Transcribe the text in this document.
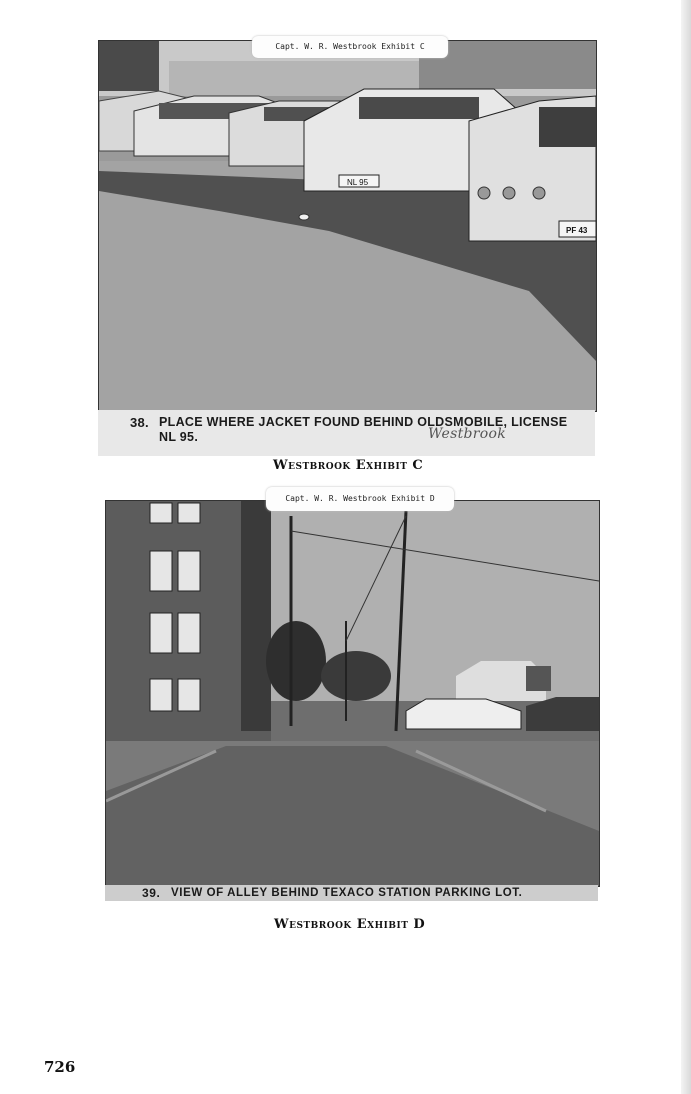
NL 95
PF 43
Capt. W. R. Westbrook Exhibit C
38. PLACE WHERE JACKET FOUND BEHIND OLDSMOBILE, LICENSE
NL 95.	Westbrook
Westbrook Exhibit C
Capt. W. R. Westbrook Exhibit D
39. VIEW OF ALLEY BEHIND TEXACO STATION PARKING LOT.
Westbrook Exhibit D
726
